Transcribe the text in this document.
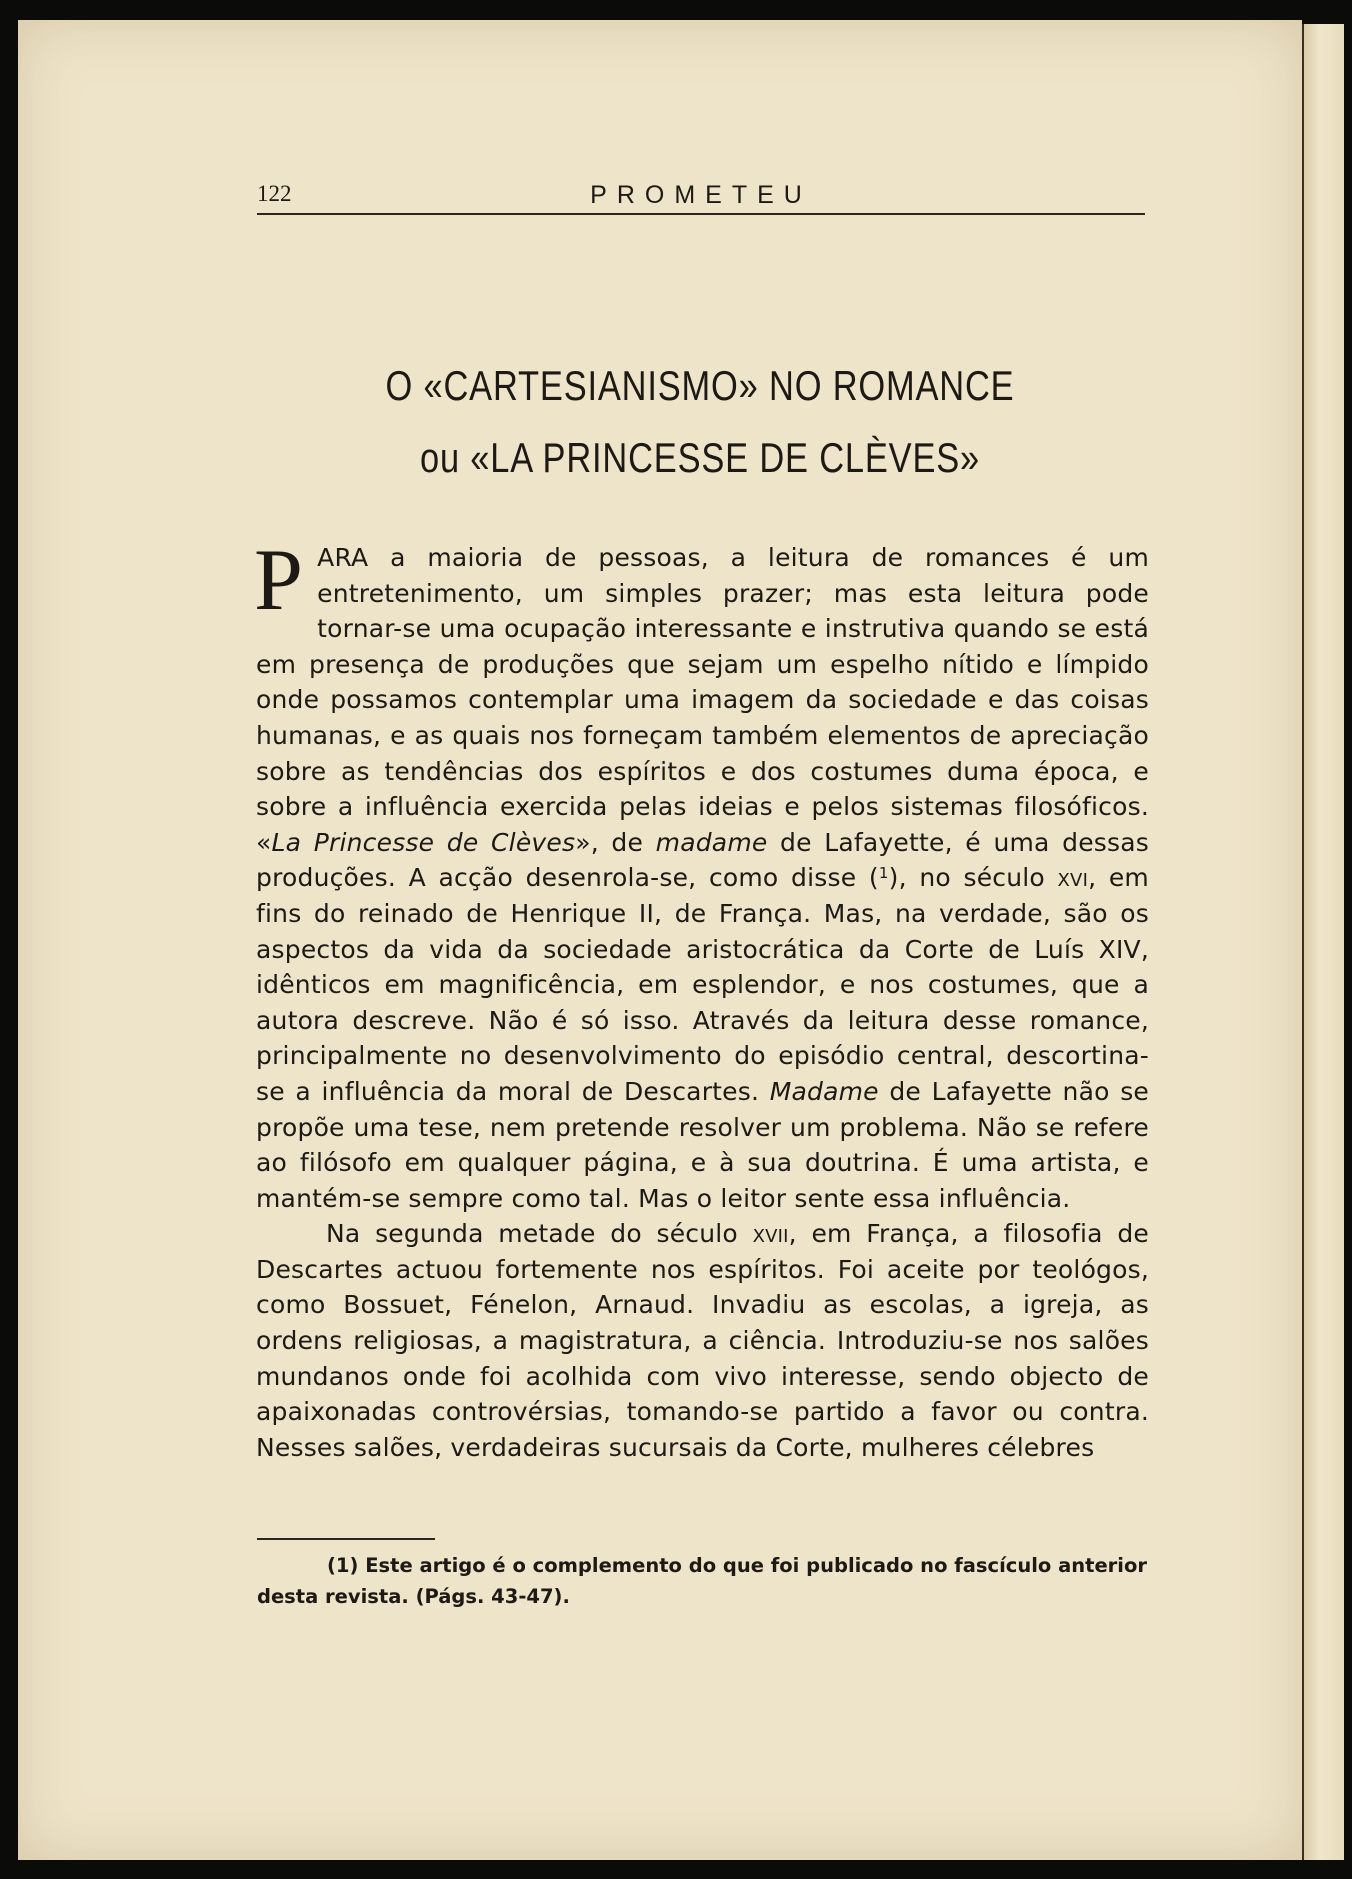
122	PROMETEU
O «CARTESIANISMO» NO ROMANCE
ou «LA PRINCESSE DE CLÈVES»

PARA a maioria de pessoas, a leitura de romances é um entretenimento, um simples prazer; mas esta leitura pode tornar-se uma ocupação interessante e instrutiva quando se está em presença de produções que sejam um espelho nítido e límpido onde possamos contemplar uma imagem da sociedade e das coisas humanas, e as quais nos forneçam também elementos de apreciação sobre as tendências dos espíritos e dos costumes duma época, e sobre a influência exercida pelas ideias e pelos sistemas filosóficos. «La Princesse de Clèves», de madame de Lafayette, é uma dessas produções. A acção desenrola-se, como disse ($^1$), no século xvi, em fins do reinado de Henrique II, de França. Mas, na verdade, são os aspectos da vida da sociedade aristocrática da Corte de Luís XIV, idênticos em magnificência, em esplendor, e nos costumes, que a autora descreve. Não é só isso. Através da leitura desse romance, principalmente no desenvolvimento do episódio central, descortina-se a influência da moral de Descartes. Madame de Lafayette não se propõe uma tese, nem pretende resolver um problema. Não se refere ao filósofo em qualquer página, e à sua doutrina. É uma artista, e mantém-se sempre como tal. Mas o leitor sente essa influência.

Na segunda metade do século xvii, em França, a filosofia de Descartes actuou fortemente nos espíritos. Foi aceite por teológos, como Bossuet, Fénelon, Arnaud. Invadiu as escolas, a igreja, as ordens religiosas, a magistratura, a ciência. Introduziu-se nos salões mundanos onde foi acolhida com vivo interesse, sendo objecto de apaixonadas controvérsias, tomando-se partido a favor ou contra. Nesses salões, verdadeiras sucursais da Corte, mulheres célebres

(1) Este artigo é o complemento do que foi publicado no fascículo anterior desta revista. (Págs. 43-47).
